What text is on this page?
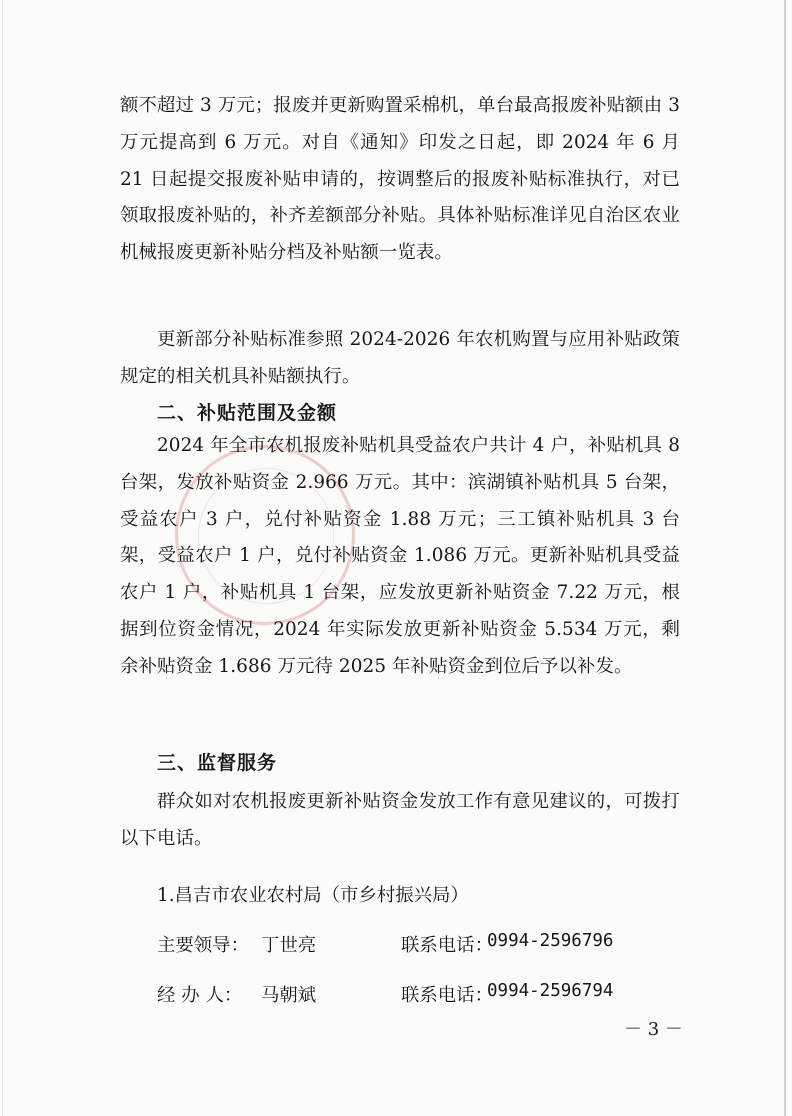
额不超过 3 万元；报废并更新购置采棉机，单台最高报废补贴额由 3 万元提高到 6 万元。对自《通知》印发之日起，即 2024 年 6 月 21 日起提交报废补贴申请的，按调整后的报废补贴标准执行，对已领取报废补贴的，补齐差额部分补贴。具体补贴标准详见自治区农业机械报废更新补贴分档及补贴额一览表。

更新部分补贴标准参照 2024-2026 年农机购置与应用补贴政策规定的相关机具补贴额执行。

二、补贴范围及金额

2024 年全市农机报废补贴机具受益农户共计 4 户，补贴机具 8 台架，发放补贴资金 2.966 万元。其中：滨湖镇补贴机具 5 台架，受益农户 3 户，兑付补贴资金 1.88 万元；三工镇补贴机具 3 台架，受益农户 1 户，兑付补贴资金 1.086 万元。更新补贴机具受益农户 1 户，补贴机具 1 台架，应发放更新补贴资金 7.22 万元，根据到位资金情况，2024 年实际发放更新补贴资金 5.534 万元，剩余补贴资金 1.686 万元待 2025 年补贴资金到位后予以补发。

三、监督服务

群众如对农机报废更新补贴资金发放工作有意见建议的，可拨打以下电话。

1.昌吉市农业农村局（市乡村振兴局）

主要领导： 丁世亮	联系电话：
0994-2596796
经 办 人： 马朝斌	联系电话：
0994-2596794
－ 3 －
